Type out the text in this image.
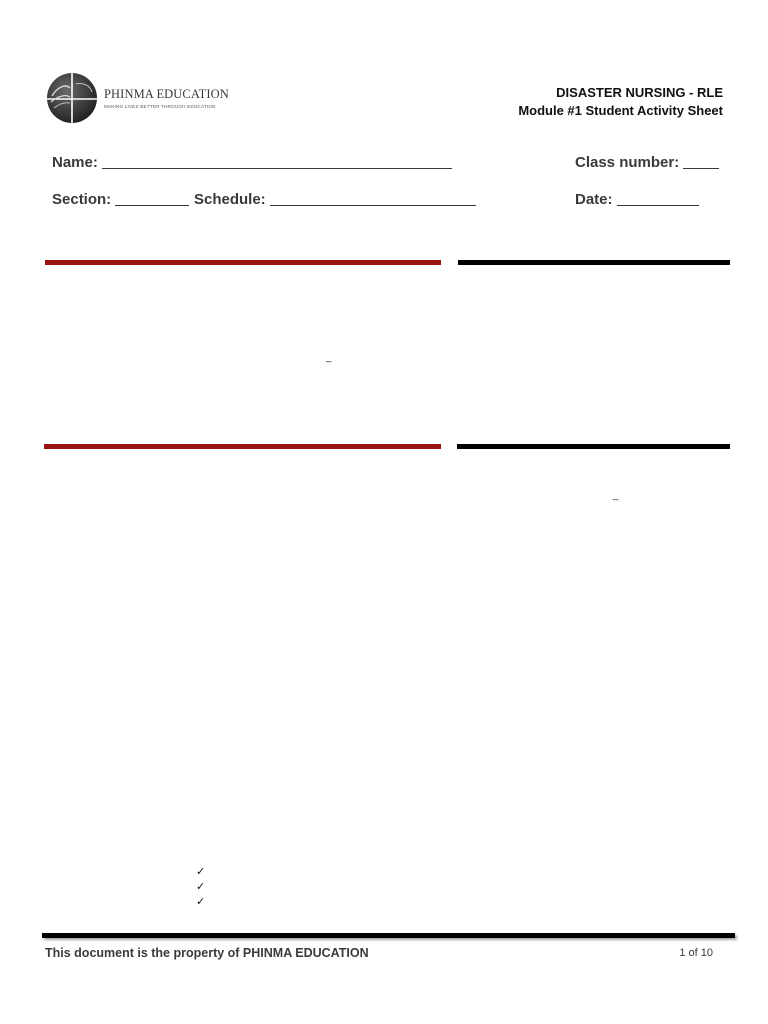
PHINMA EDUCATION
MAKING LIVES BETTER THROUGH EDUCATION
DISASTER NURSING - RLE
Module #1 Student Activity Sheet
Name:	Class number:
Section:	Schedule:	Date:
_
_
✓
✓
✓
This document is the property of PHINMA EDUCATION	1 of 10
